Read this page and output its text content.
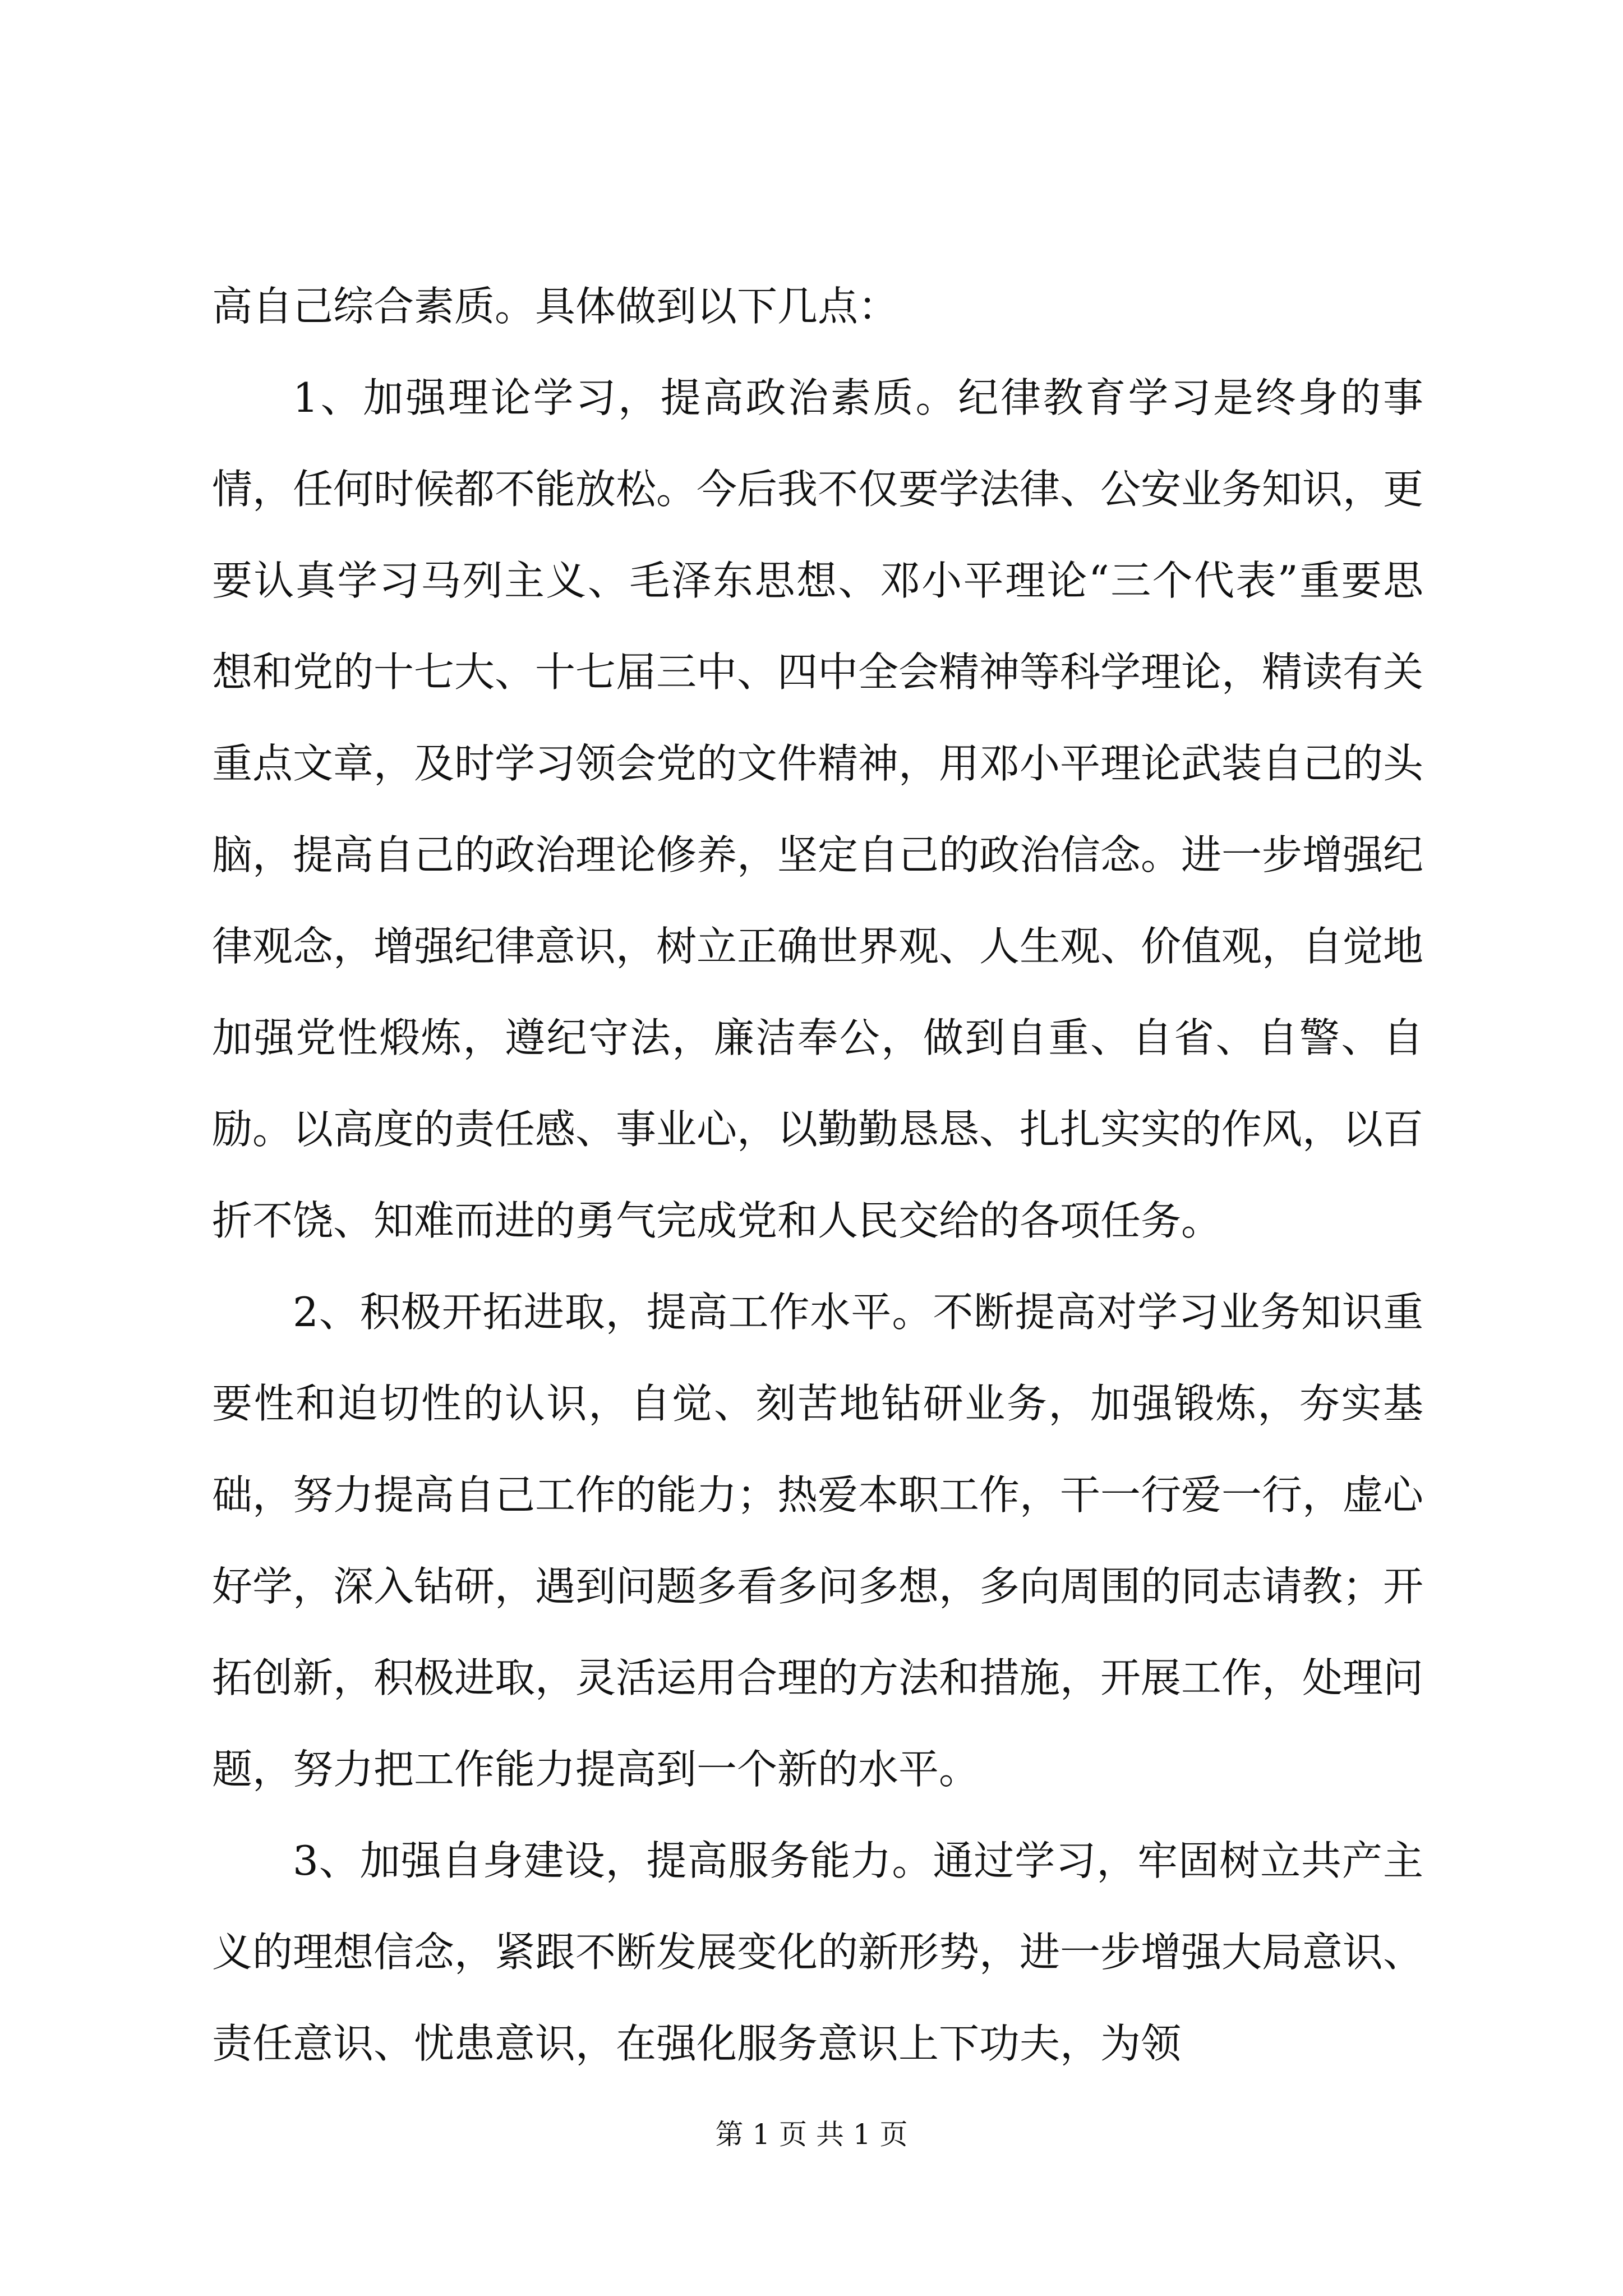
高自己综合素质。具体做到以下几点：

1、加强理论学习，提高政治素质。纪律教育学习是终身的事情，任何时候都不能放松。今后我不仅要学法律、公安业务知识，更要认真学习马列主义、毛泽东思想、邓小平理论“三个代表”重要思想和党的十七大、十七届三中、四中全会精神等科学理论，精读有关重点文章，及时学习领会党的文件精神，用邓小平理论武装自己的头脑，提高自己的政治理论修养，坚定自己的政治信念。进一步增强纪律观念，增强纪律意识，树立正确世界观、人生观、价值观，自觉地加强党性煅炼，遵纪守法，廉洁奉公，做到自重、自省、自警、自励。以高度的责任感、事业心，以勤勤恳恳、扎扎实实的作风，以百折不饶、知难而进的勇气完成党和人民交给的各项任务。

2、积极开拓进取，提高工作水平。不断提高对学习业务知识重要性和迫切性的认识，自觉、刻苦地钻研业务，加强锻炼，夯实基础，努力提高自己工作的能力；热爱本职工作，干一行爱一行，虚心好学，深入钻研，遇到问题多看多问多想，多向周围的同志请教；开拓创新，积极进取，灵活运用合理的方法和措施，开展工作，处理问题，努力把工作能力提高到一个新的水平。

3、加强自身建设，提高服务能力。通过学习，牢固树立共产主义的理想信念，紧跟不断发展变化的新形势，进一步增强大局意识、责任意识、忧患意识，在强化服务意识上下功夫，为领

第 1 页 共 1 页
